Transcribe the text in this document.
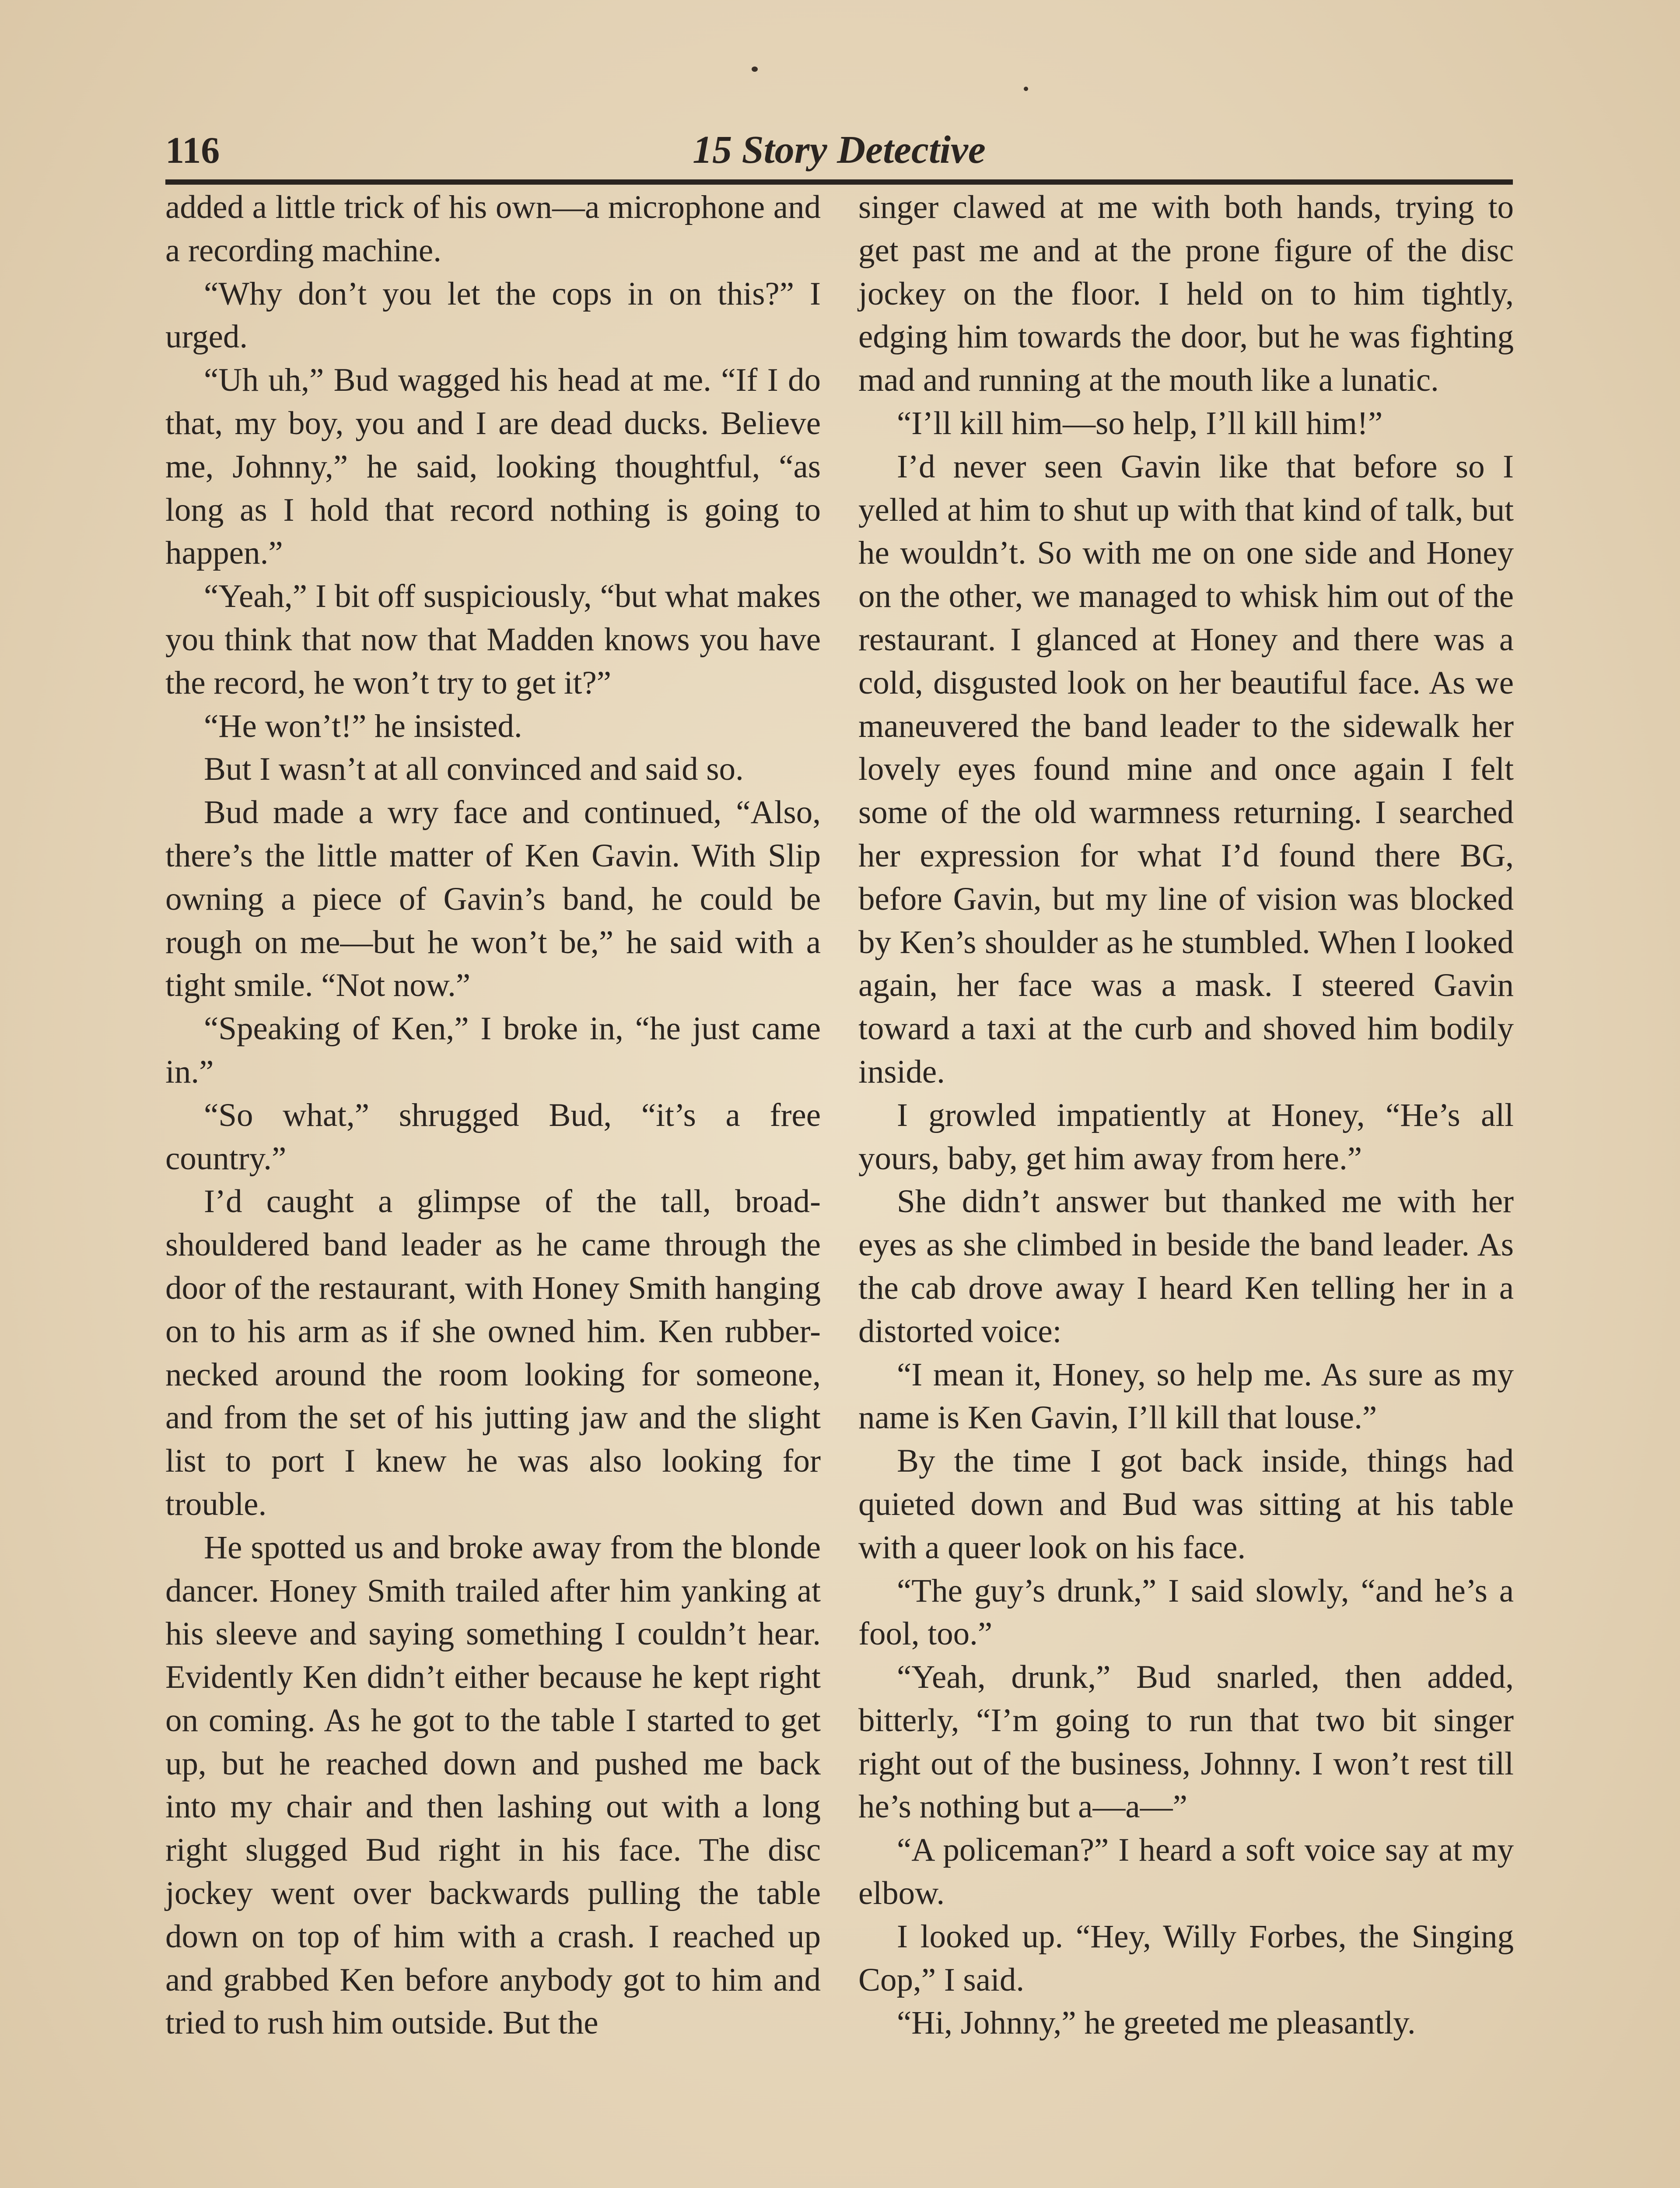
116	15 Story Detective

added a little trick of his own—a microphone and a recording machine.

“Why don’t you let the cops in on this?” I urged.

“Uh uh,” Bud wagged his head at me. “If I do that, my boy, you and I are dead ducks. Believe me, Johnny,” he said, looking thoughtful, “as long as I hold that record nothing is going to happen.”

“Yeah,” I bit off suspiciously, “but what makes you think that now that Madden knows you have the record, he won’t try to get it?”

“He won’t!” he insisted.

But I wasn’t at all convinced and said so.

Bud made a wry face and continued, “Also, there’s the little matter of Ken Gavin. With Slip owning a piece of Gavin’s band, he could be rough on me—but he won’t be,” he said with a tight smile. “Not now.”

“Speaking of Ken,” I broke in, “he just came in.”

“So what,” shrugged Bud, “it’s a free country.”

I’d caught a glimpse of the tall, broad-shouldered band leader as he came through the door of the restaurant, with Honey Smith hanging on to his arm as if she owned him. Ken rubber-necked around the room looking for someone, and from the set of his jutting jaw and the slight list to port I knew he was also looking for trouble.

He spotted us and broke away from the blonde dancer. Honey Smith trailed after him yanking at his sleeve and saying something I couldn’t hear. Evidently Ken didn’t either because he kept right on coming. As he got to the table I started to get up, but he reached down and pushed me back into my chair and then lashing out with a long right slugged Bud right in his face. The disc jockey went over backwards pulling the table down on top of him with a crash. I reached up and grabbed Ken before anybody got to him and tried to rush him outside. But the

singer clawed at me with both hands, trying to get past me and at the prone figure of the disc jockey on the floor. I held on to him tightly, edging him towards the door, but he was fighting mad and running at the mouth like a lunatic.

“I’ll kill him—so help, I’ll kill him!”

I’d never seen Gavin like that before so I yelled at him to shut up with that kind of talk, but he wouldn’t. So with me on one side and Honey on the other, we managed to whisk him out of the restaurant. I glanced at Honey and there was a cold, disgusted look on her beautiful face. As we maneuvered the band leader to the sidewalk her lovely eyes found mine and once again I felt some of the old warmness returning. I searched her expression for what I’d found there BG, before Gavin, but my line of vision was blocked by Ken’s shoulder as he stumbled. When I looked again, her face was a mask. I steered Gavin toward a taxi at the curb and shoved him bodily inside.

I growled impatiently at Honey, “He’s all yours, baby, get him away from here.”

She didn’t answer but thanked me with her eyes as she climbed in beside the band leader. As the cab drove away I heard Ken telling her in a distorted voice:

“I mean it, Honey, so help me. As sure as my name is Ken Gavin, I’ll kill that louse.”

By the time I got back inside, things had quieted down and Bud was sitting at his table with a queer look on his face.

“The guy’s drunk,” I said slowly, “and he’s a fool, too.”

“Yeah, drunk,” Bud snarled, then added, bitterly, “I’m going to run that two bit singer right out of the business, Johnny. I won’t rest till he’s nothing but a—a—”

“A policeman?” I heard a soft voice say at my elbow.

I looked up. “Hey, Willy Forbes, the Singing Cop,” I said.

“Hi, Johnny,” he greeted me pleasantly.
